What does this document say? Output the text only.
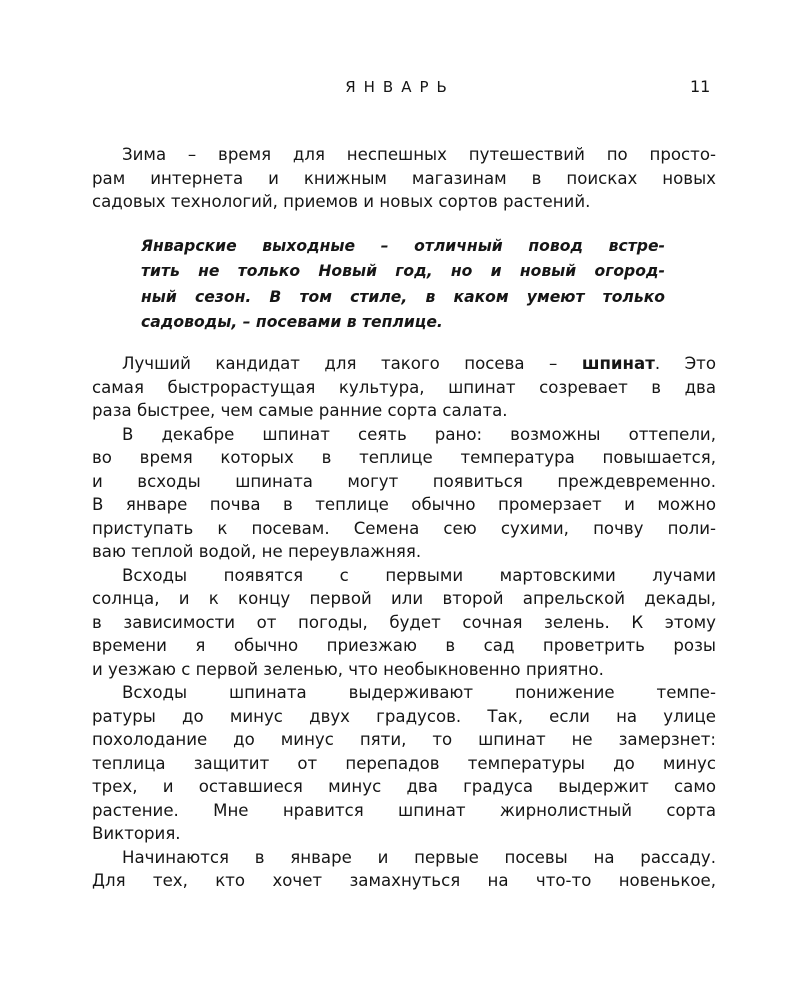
ЯНВАРЬ	11
Зима – время для неспешных путешествий по просто-
рам интернета и книжным магазинам в поисках новых
садовых технологий, приемов и новых сортов растений.
Январские выходные – отличный повод встре-
тить не только Новый год, но и новый огород-
ный сезон. В том стиле, в каком умеют только
садоводы, – посевами в теплице.
Лучший кандидат для такого посева – шпинат. Это
самая быстрорастущая культура, шпинат созревает в два
раза быстрее, чем самые ранние сорта салата.
В декабре шпинат сеять рано: возможны оттепели,
во время которых в теплице температура повышается,
и всходы шпината могут появиться преждевременно.
В январе почва в теплице обычно промерзает и можно
приступать к посевам. Семена сею сухими, почву поли-
ваю теплой водой, не переувлажняя.
Всходы появятся с первыми мартовскими лучами
солнца, и к концу первой или второй апрельской декады,
в зависимости от погоды, будет сочная зелень. К этому
времени я обычно приезжаю в сад проветрить розы
и уезжаю с первой зеленью, что необыкновенно приятно.
Всходы шпината выдерживают понижение темпе-
ратуры до минус двух градусов. Так, если на улице
похолодание до минус пяти, то шпинат не замерзнет:
теплица защитит от перепадов температуры до минус
трех, и оставшиеся минус два градуса выдержит само
растение. Мне нравится шпинат жирнолистный сорта
Виктория.
Начинаются в январе и первые посевы на рассаду.
Для тех, кто хочет замахнуться на что-то новенькое,
